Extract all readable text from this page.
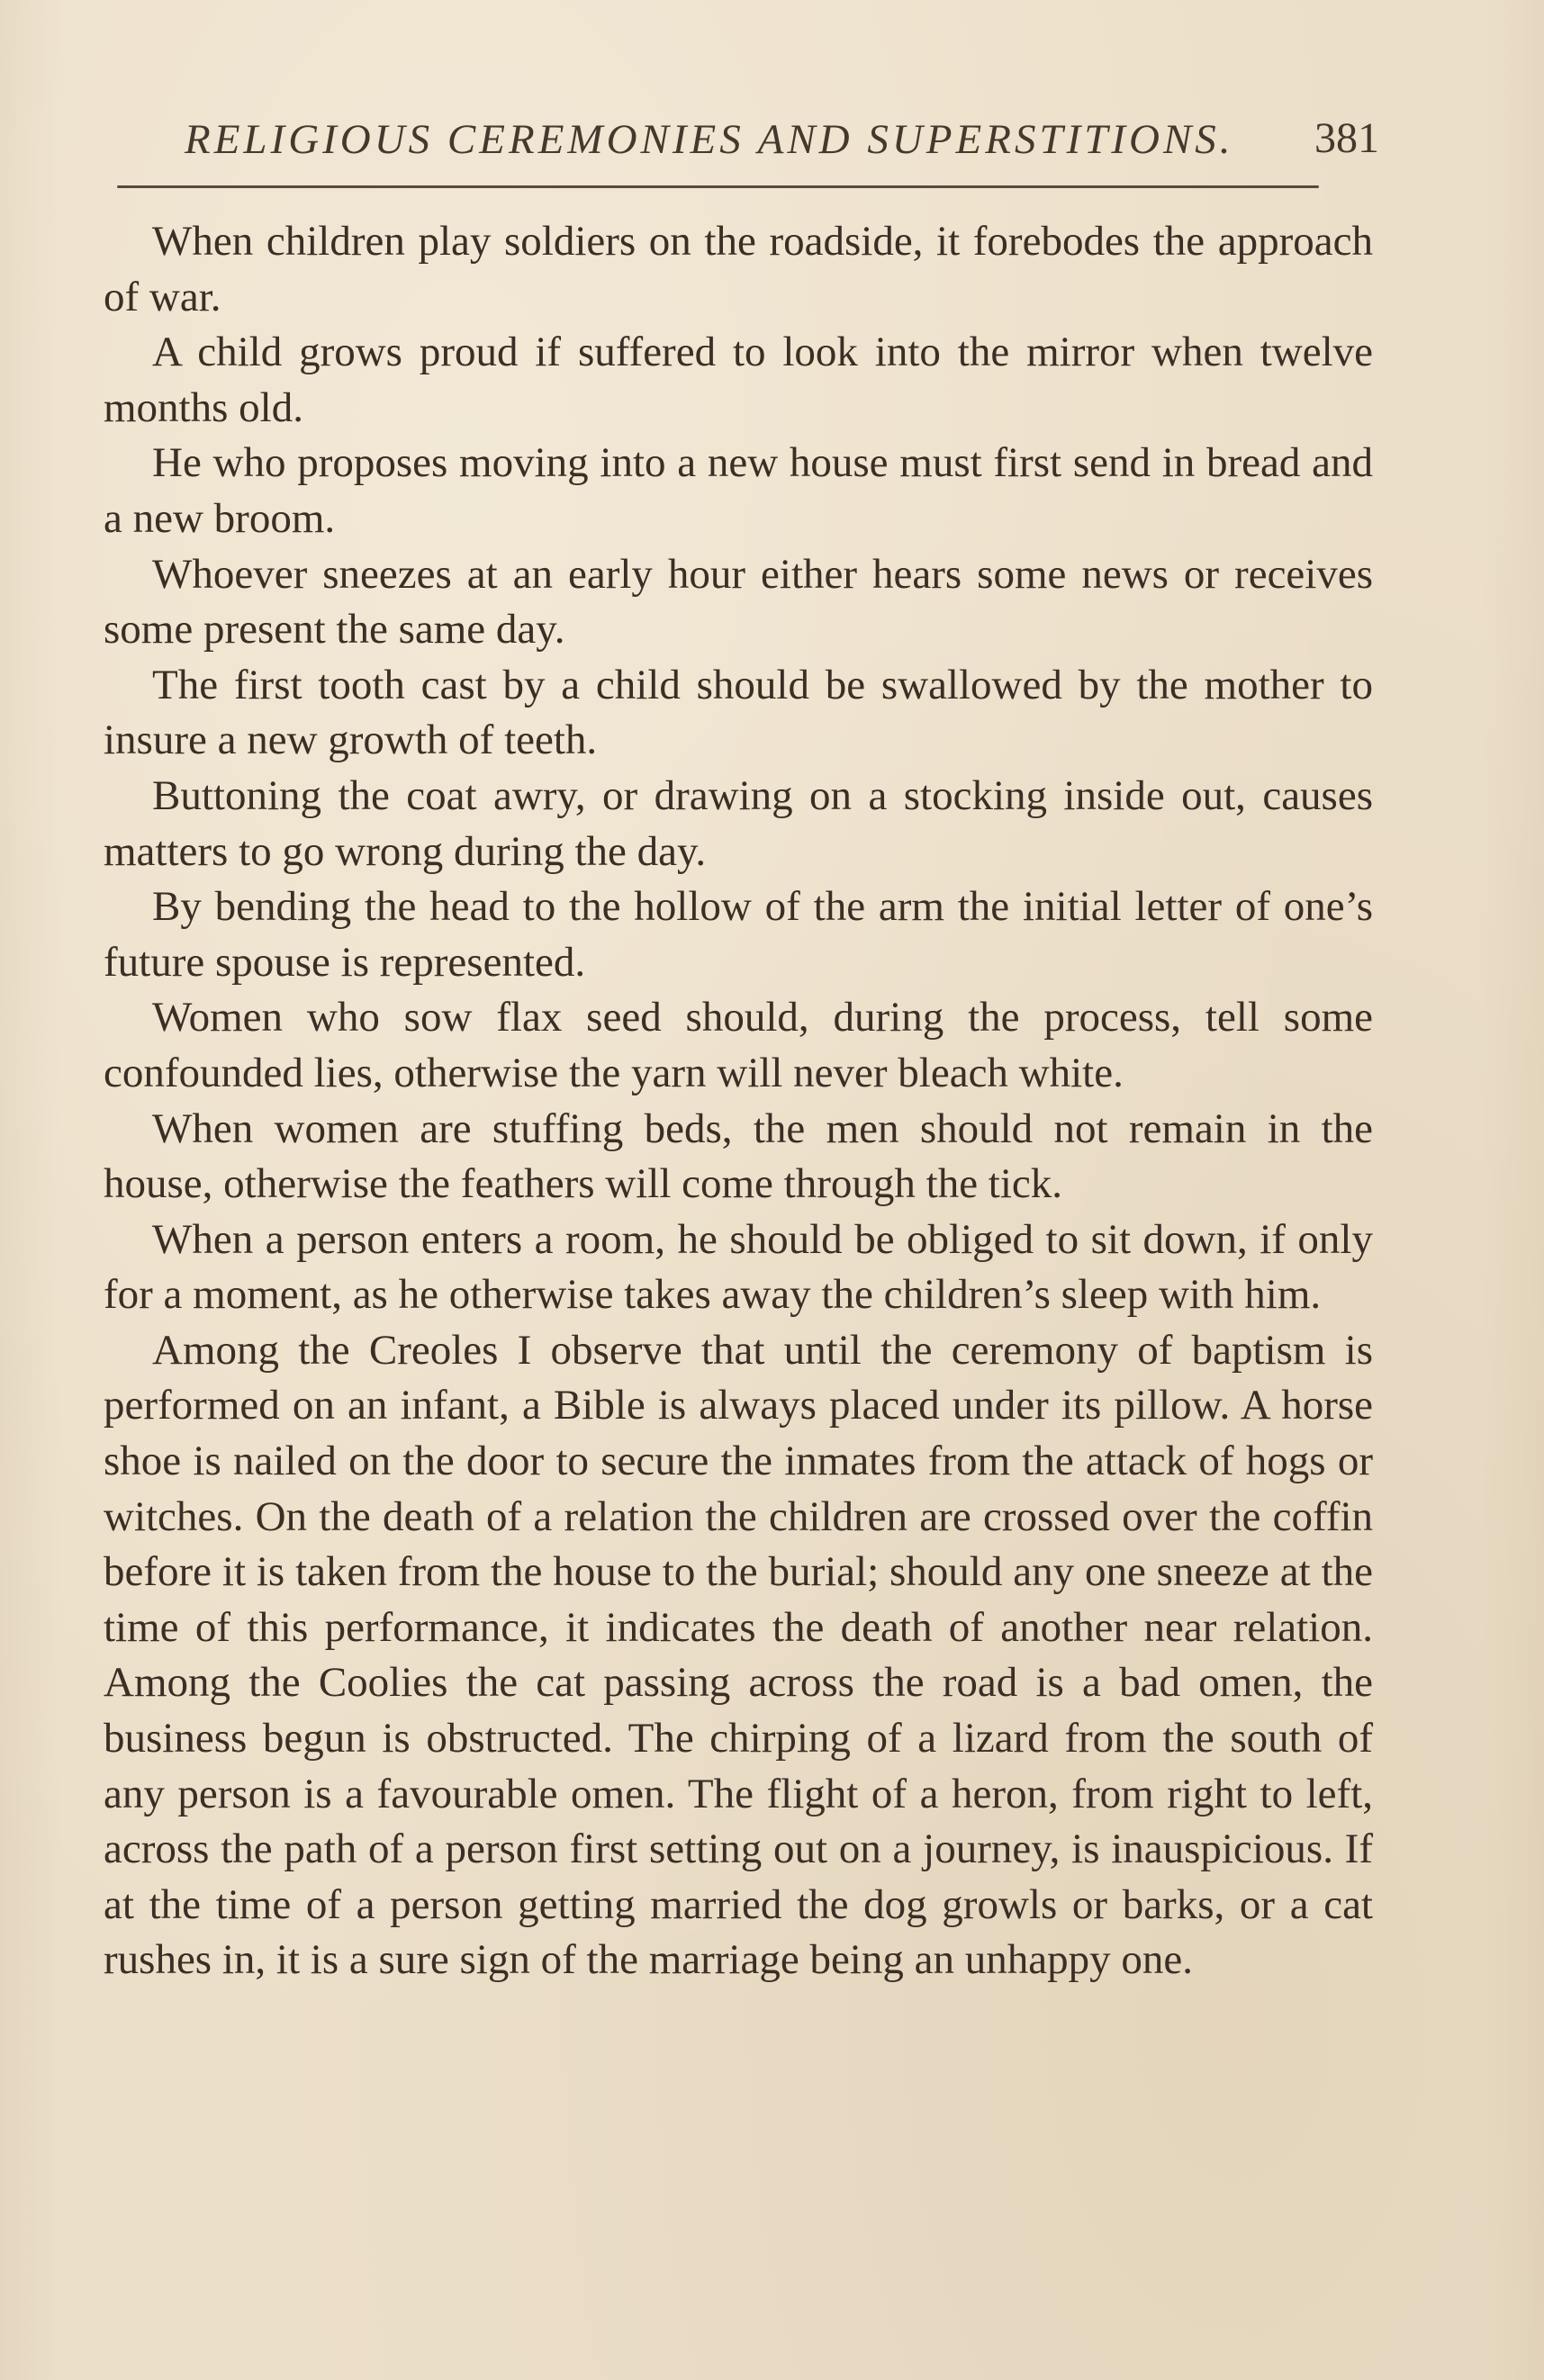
RELIGIOUS CEREMONIES AND SUPERSTITIONS. 381

When children play soldiers on the roadside, it forebodes the approach of war.

A child grows proud if suffered to look into the mirror when twelve months old.

He who proposes moving into a new house must first send in bread and a new broom.

Whoever sneezes at an early hour either hears some news or receives some present the same day.

The first tooth cast by a child should be swallowed by the mother to insure a new growth of teeth.

Buttoning the coat awry, or drawing on a stocking inside out, causes matters to go wrong during the day.

By bending the head to the hollow of the arm the initial letter of one’s future spouse is represented.

Women who sow flax seed should, during the process, tell some confounded lies, otherwise the yarn will never bleach white.

When women are stuffing beds, the men should not remain in the house, otherwise the feathers will come through the tick.

When a person enters a room, he should be obliged to sit down, if only for a moment, as he otherwise takes away the children’s sleep with him.

Among the Creoles I observe that until the ceremony of baptism is performed on an infant, a Bible is always placed under its pillow. A horse shoe is nailed on the door to secure the inmates from the attack of hogs or witches. On the death of a relation the children are crossed over the coffin before it is taken from the house to the burial; should any one sneeze at the time of this performance, it indicates the death of another near relation. Among the Coolies the cat passing across the road is a bad omen, the business begun is obstructed. The chirping of a lizard from the south of any person is a favourable omen. The flight of a heron, from right to left, across the path of a person first setting out on a journey, is inauspicious. If at the time of a person getting married the dog growls or barks, or a cat rushes in, it is a sure sign of the marriage being an unhappy one.
